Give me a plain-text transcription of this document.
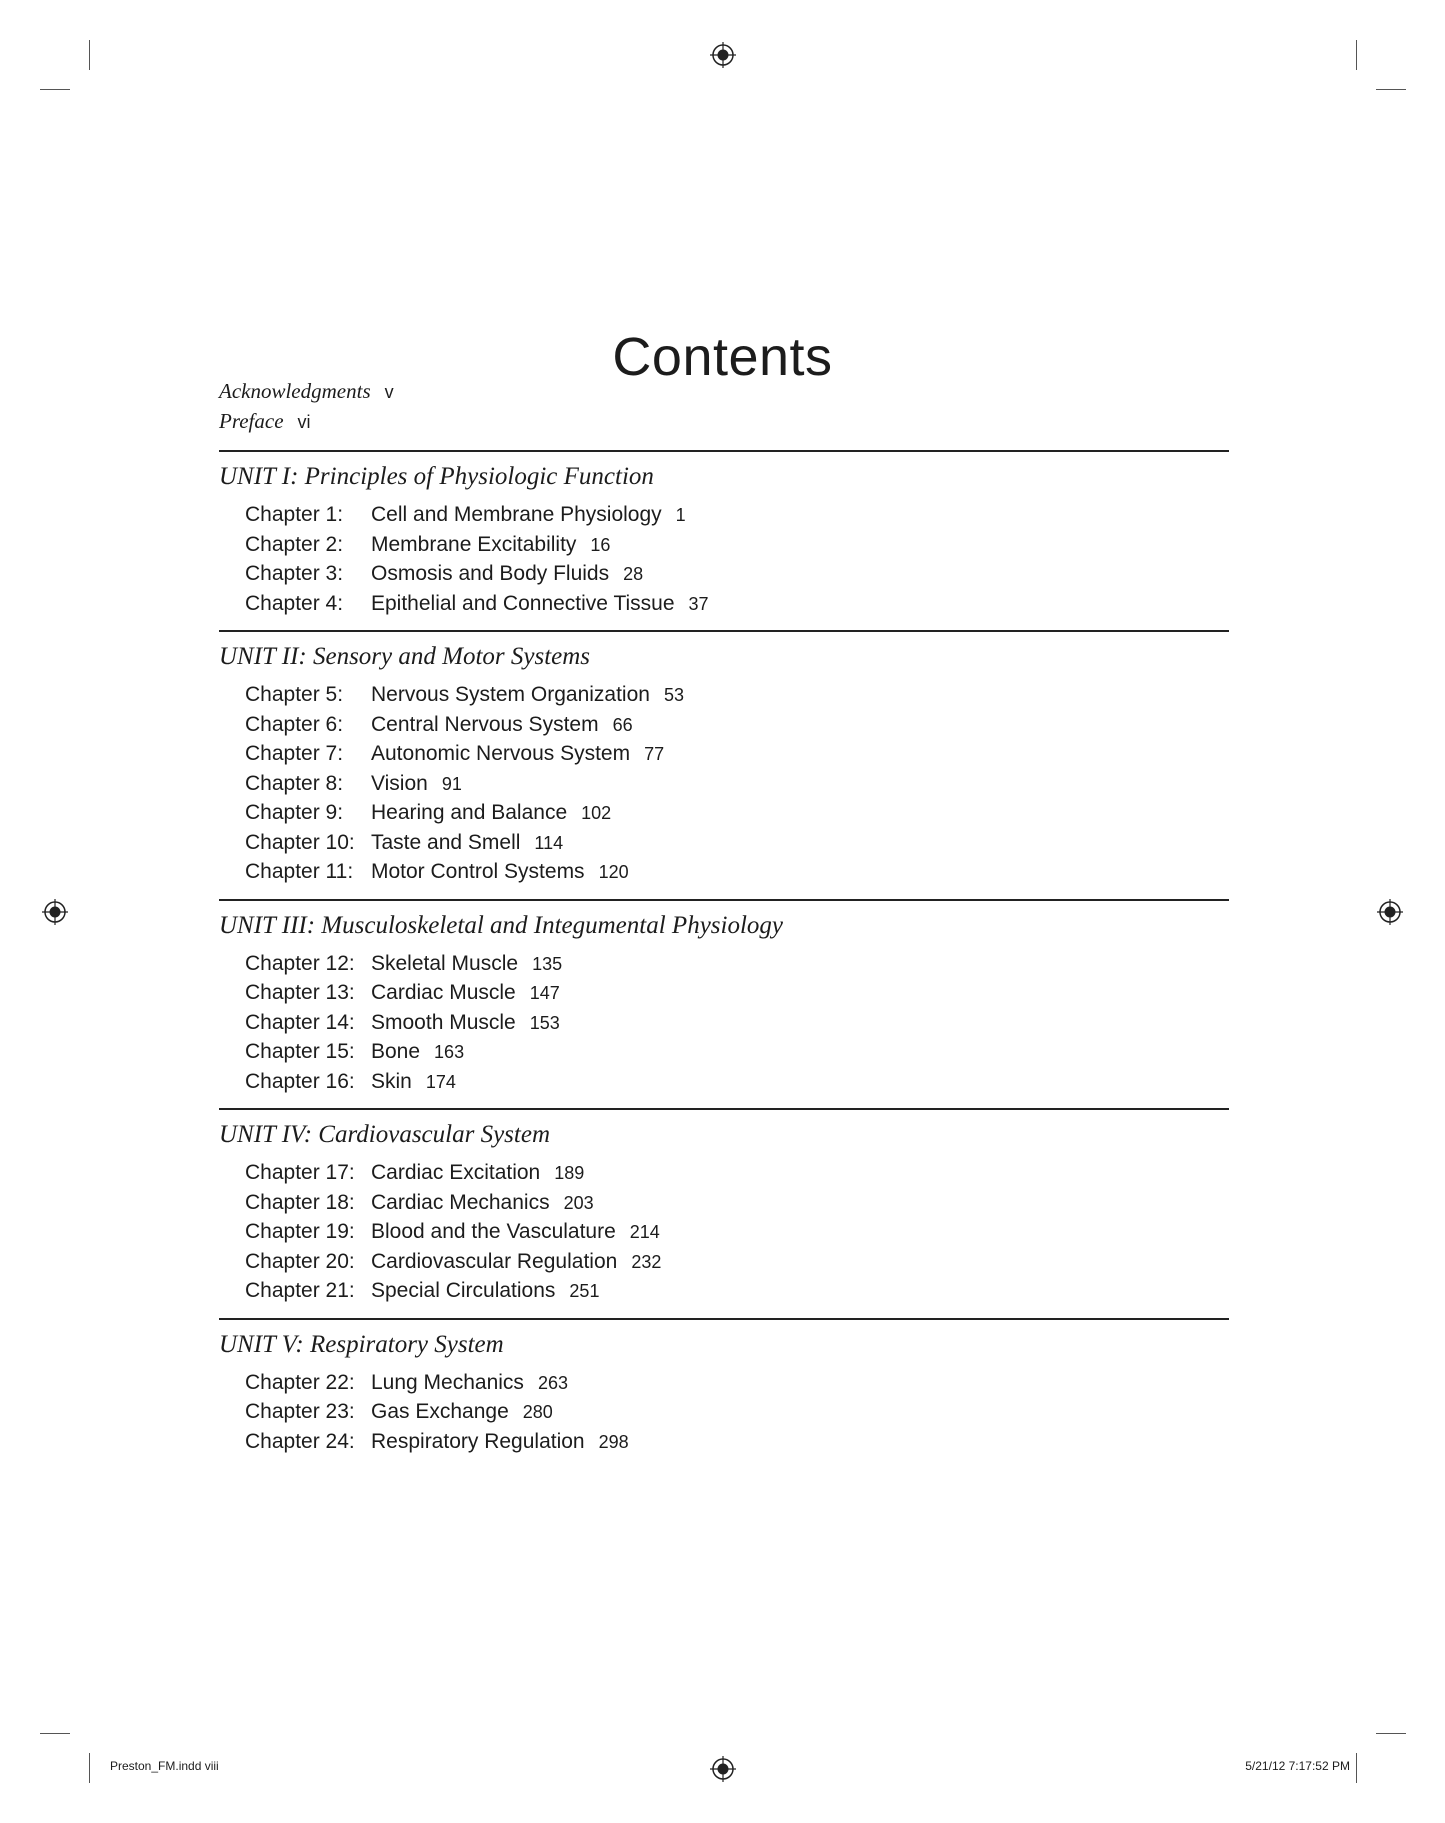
Contents
Acknowledgments v
Preface vi
UNIT I: Principles of Physiologic Function
Chapter 1: Cell and Membrane Physiology 1
Chapter 2: Membrane Excitability 16
Chapter 3: Osmosis and Body Fluids 28
Chapter 4: Epithelial and Connective Tissue 37
UNIT II: Sensory and Motor Systems
Chapter 5: Nervous System Organization 53
Chapter 6: Central Nervous System 66
Chapter 7: Autonomic Nervous System 77
Chapter 8: Vision 91
Chapter 9: Hearing and Balance 102
Chapter 10: Taste and Smell 114
Chapter 11: Motor Control Systems 120
UNIT III: Musculoskeletal and Integumental Physiology
Chapter 12: Skeletal Muscle 135
Chapter 13: Cardiac Muscle 147
Chapter 14: Smooth Muscle 153
Chapter 15: Bone 163
Chapter 16: Skin 174
UNIT IV: Cardiovascular System
Chapter 17: Cardiac Excitation 189
Chapter 18: Cardiac Mechanics 203
Chapter 19: Blood and the Vasculature 214
Chapter 20: Cardiovascular Regulation 232
Chapter 21: Special Circulations 251
UNIT V: Respiratory System
Chapter 22: Lung Mechanics 263
Chapter 23: Gas Exchange 280
Chapter 24: Respiratory Regulation 298
Preston_FM.indd viii	5/21/12 7:17:52 PM
